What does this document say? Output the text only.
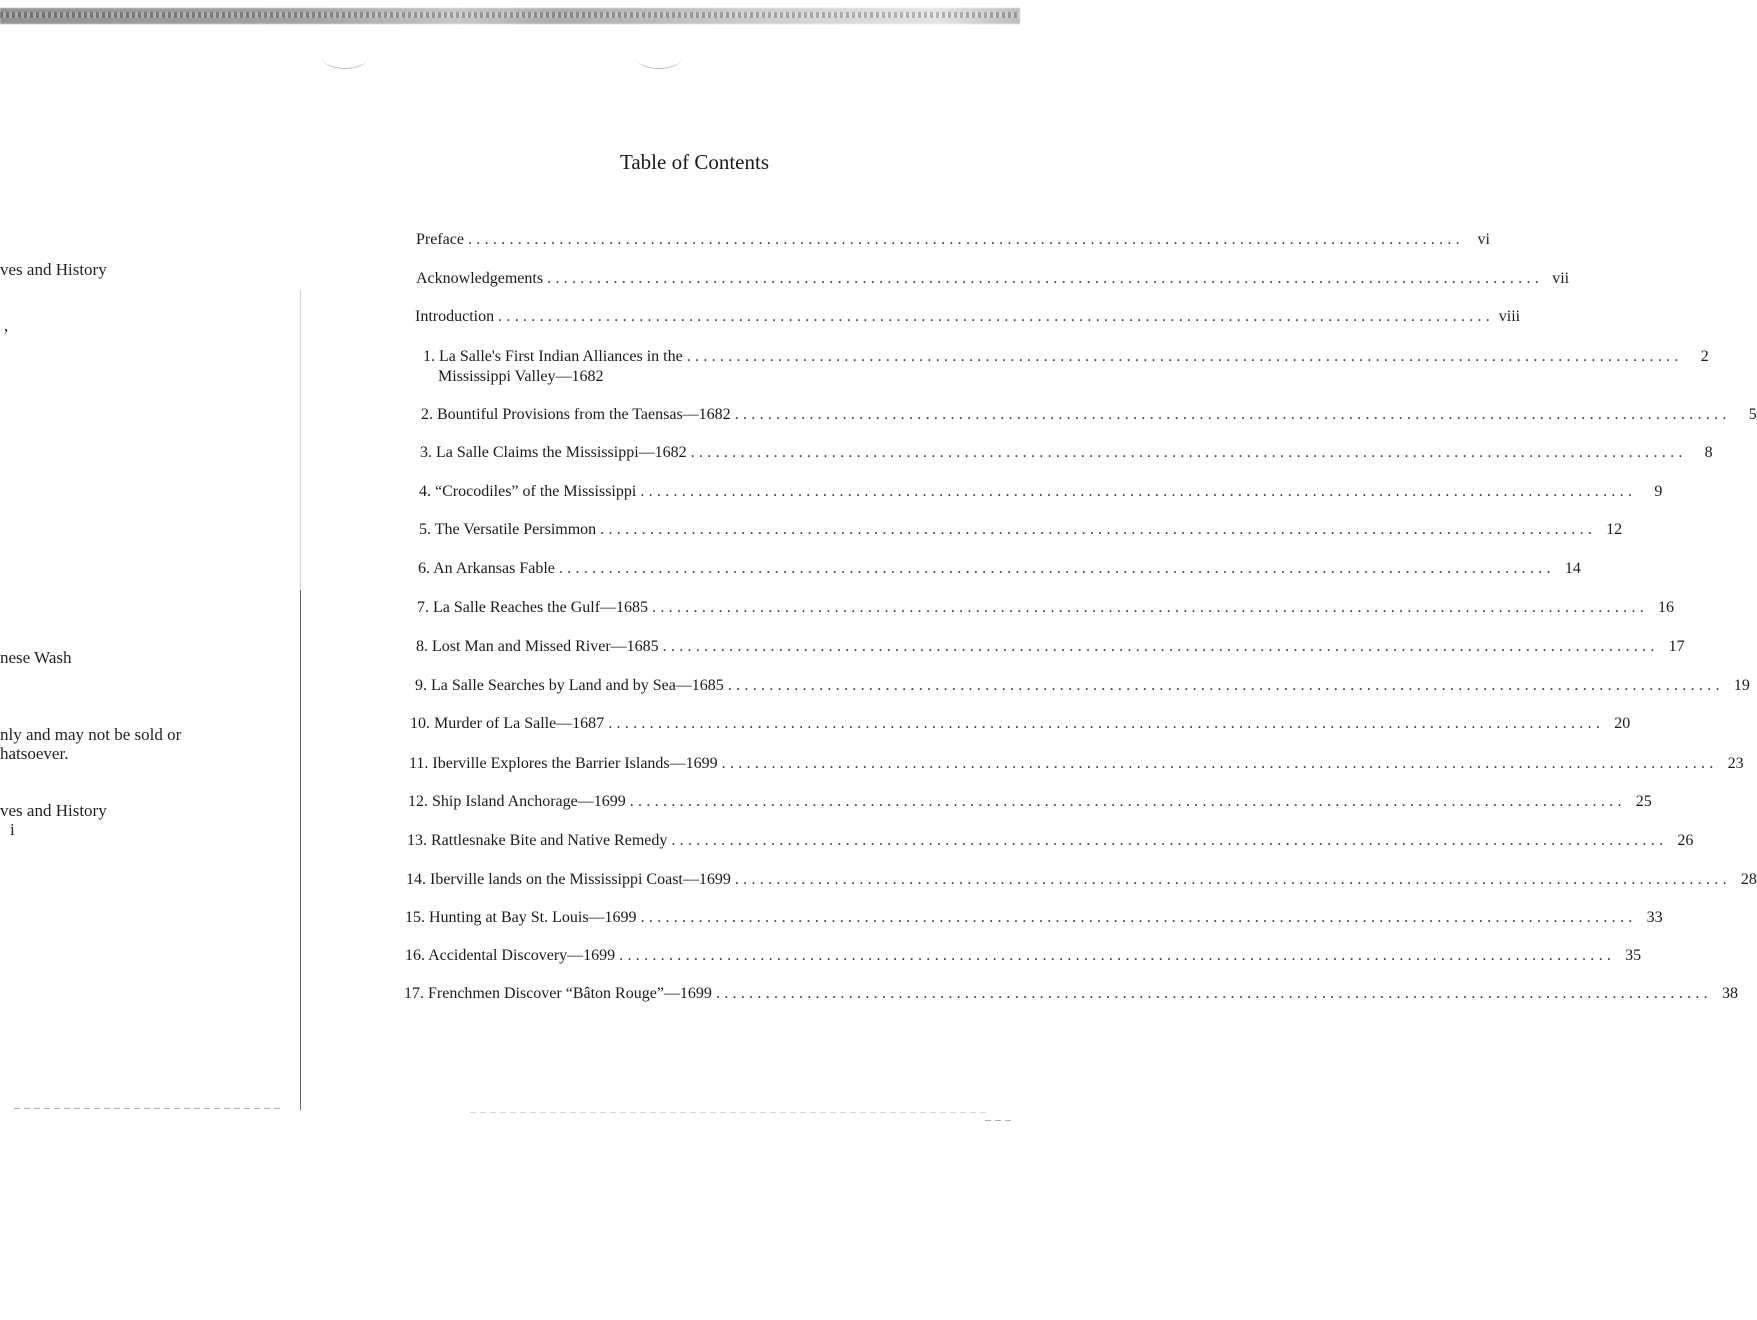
ves and History
,
nese Wash
nly and may not be sold or
hatsoever.
ves and History
i
Table of Contents
Preface ........................................................................................................................ vi
Acknowledgements ........................................................................................................................ vii
Introduction ........................................................................................................................ viii
1. La Salle's First Indian Alliances in the
Mississippi Valley—1682
........................................................................................................................	2
2. Bountiful Provisions from the Taensas—1682 ........................................................................................................................	5
3. La Salle Claims the Mississippi—1682 ........................................................................................................................	8
4. “Crocodiles” of the Mississippi ........................................................................................................................	9
5. The Versatile Persimmon ........................................................................................................................ 12
6. An Arkansas Fable ........................................................................................................................ 14
7. La Salle Reaches the Gulf—1685 ........................................................................................................................ 16
8. Lost Man and Missed River—1685 ........................................................................................................................ 17
9. La Salle Searches by Land and by Sea—1685 ........................................................................................................................ 19
10. Murder of La Salle—1687 ........................................................................................................................ 20
11. Iberville Explores the Barrier Islands—1699 ........................................................................................................................ 23
12. Ship Island Anchorage—1699 ........................................................................................................................ 25
13. Rattlesnake Bite and Native Remedy ........................................................................................................................ 26
14. Iberville lands on the Mississippi Coast—1699 ........................................................................................................................ 28
15. Hunting at Bay St. Louis—1699 ........................................................................................................................ 33
16. Accidental Discovery—1699 ........................................................................................................................ 35
17. Frenchmen Discover “Bâton Rouge”—1699 ........................................................................................................................ 38
